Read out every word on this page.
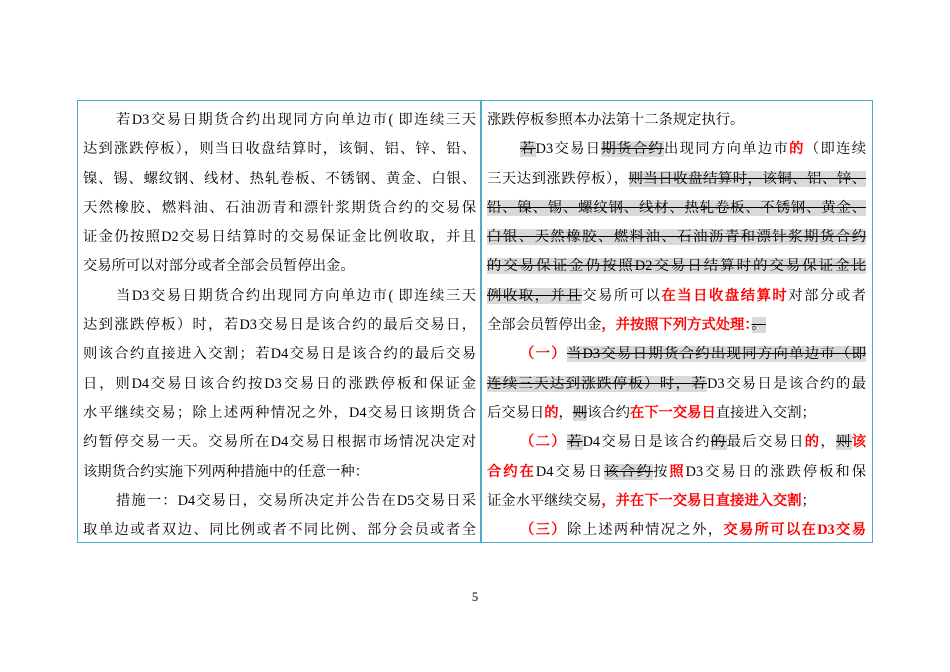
若D3交易日期货合约出现同方向单边市( 即连续三天
达到涨跌停板），则当日收盘结算时，该铜、铝、锌、铅、
镍、锡、螺纹钢、线材、热轧卷板、不锈钢、黄金、白银、
天然橡胶、燃料油、石油沥青和漂针浆期货合约的交易保
证金仍按照D2交易日结算时的交易保证金比例收取，并且
交易所可以对部分或者全部会员暂停出金。
当D3交易日期货合约出现同方向单边市( 即连续三天
达到涨跌停板）时，若D3交易日是该合约的最后交易日，
则该合约直接进入交割；若D4交易日是该合约的最后交易
日，则D4交易日该合约按D3交易日的涨跌停板和保证金
水平继续交易；除上述两种情况之外，D4交易日该期货合
约暂停交易一天。交易所在D4交易日根据市场情况决定对
该期货合约实施下列两种措施中的任意一种：
措施一：D4交易日，交易所决定并公告在D5交易日采
取单边或者双边、同比例或者不同比例、部分会员或者全
涨跌停板参照本办法第十二条规定执行。
若D3交易日期货合约出现同方向单边市的（即连续
三天达到涨跌停板），则当日收盘结算时，该铜、铝、锌、
铅、镍、锡、螺纹钢、线材、热轧卷板、不锈钢、黄金、
白银、天然橡胶、燃料油、石油沥青和漂针浆期货合约
的交易保证金仍按照D2交易日结算时的交易保证金比
例收取，并且交易所可以在当日收盘结算时对部分或者
全部会员暂停出金，并按照下列方式处理：。
（一）当D3交易日期货合约出现同方向单边市（即
连续三天达到涨跌停板）时，若D3交易日是该合约的最
后交易日的，则该合约在下一交易日直接进入交割；
（二）若D4交易日是该合约的最后交易日的，则该
合约在D4交易日该合约按照D3交易日的涨跌停板和保
证金水平继续交易，并在下一交易日直接进入交割；
（三）除上述两种情况之外，交易所可以在D3交易
5
